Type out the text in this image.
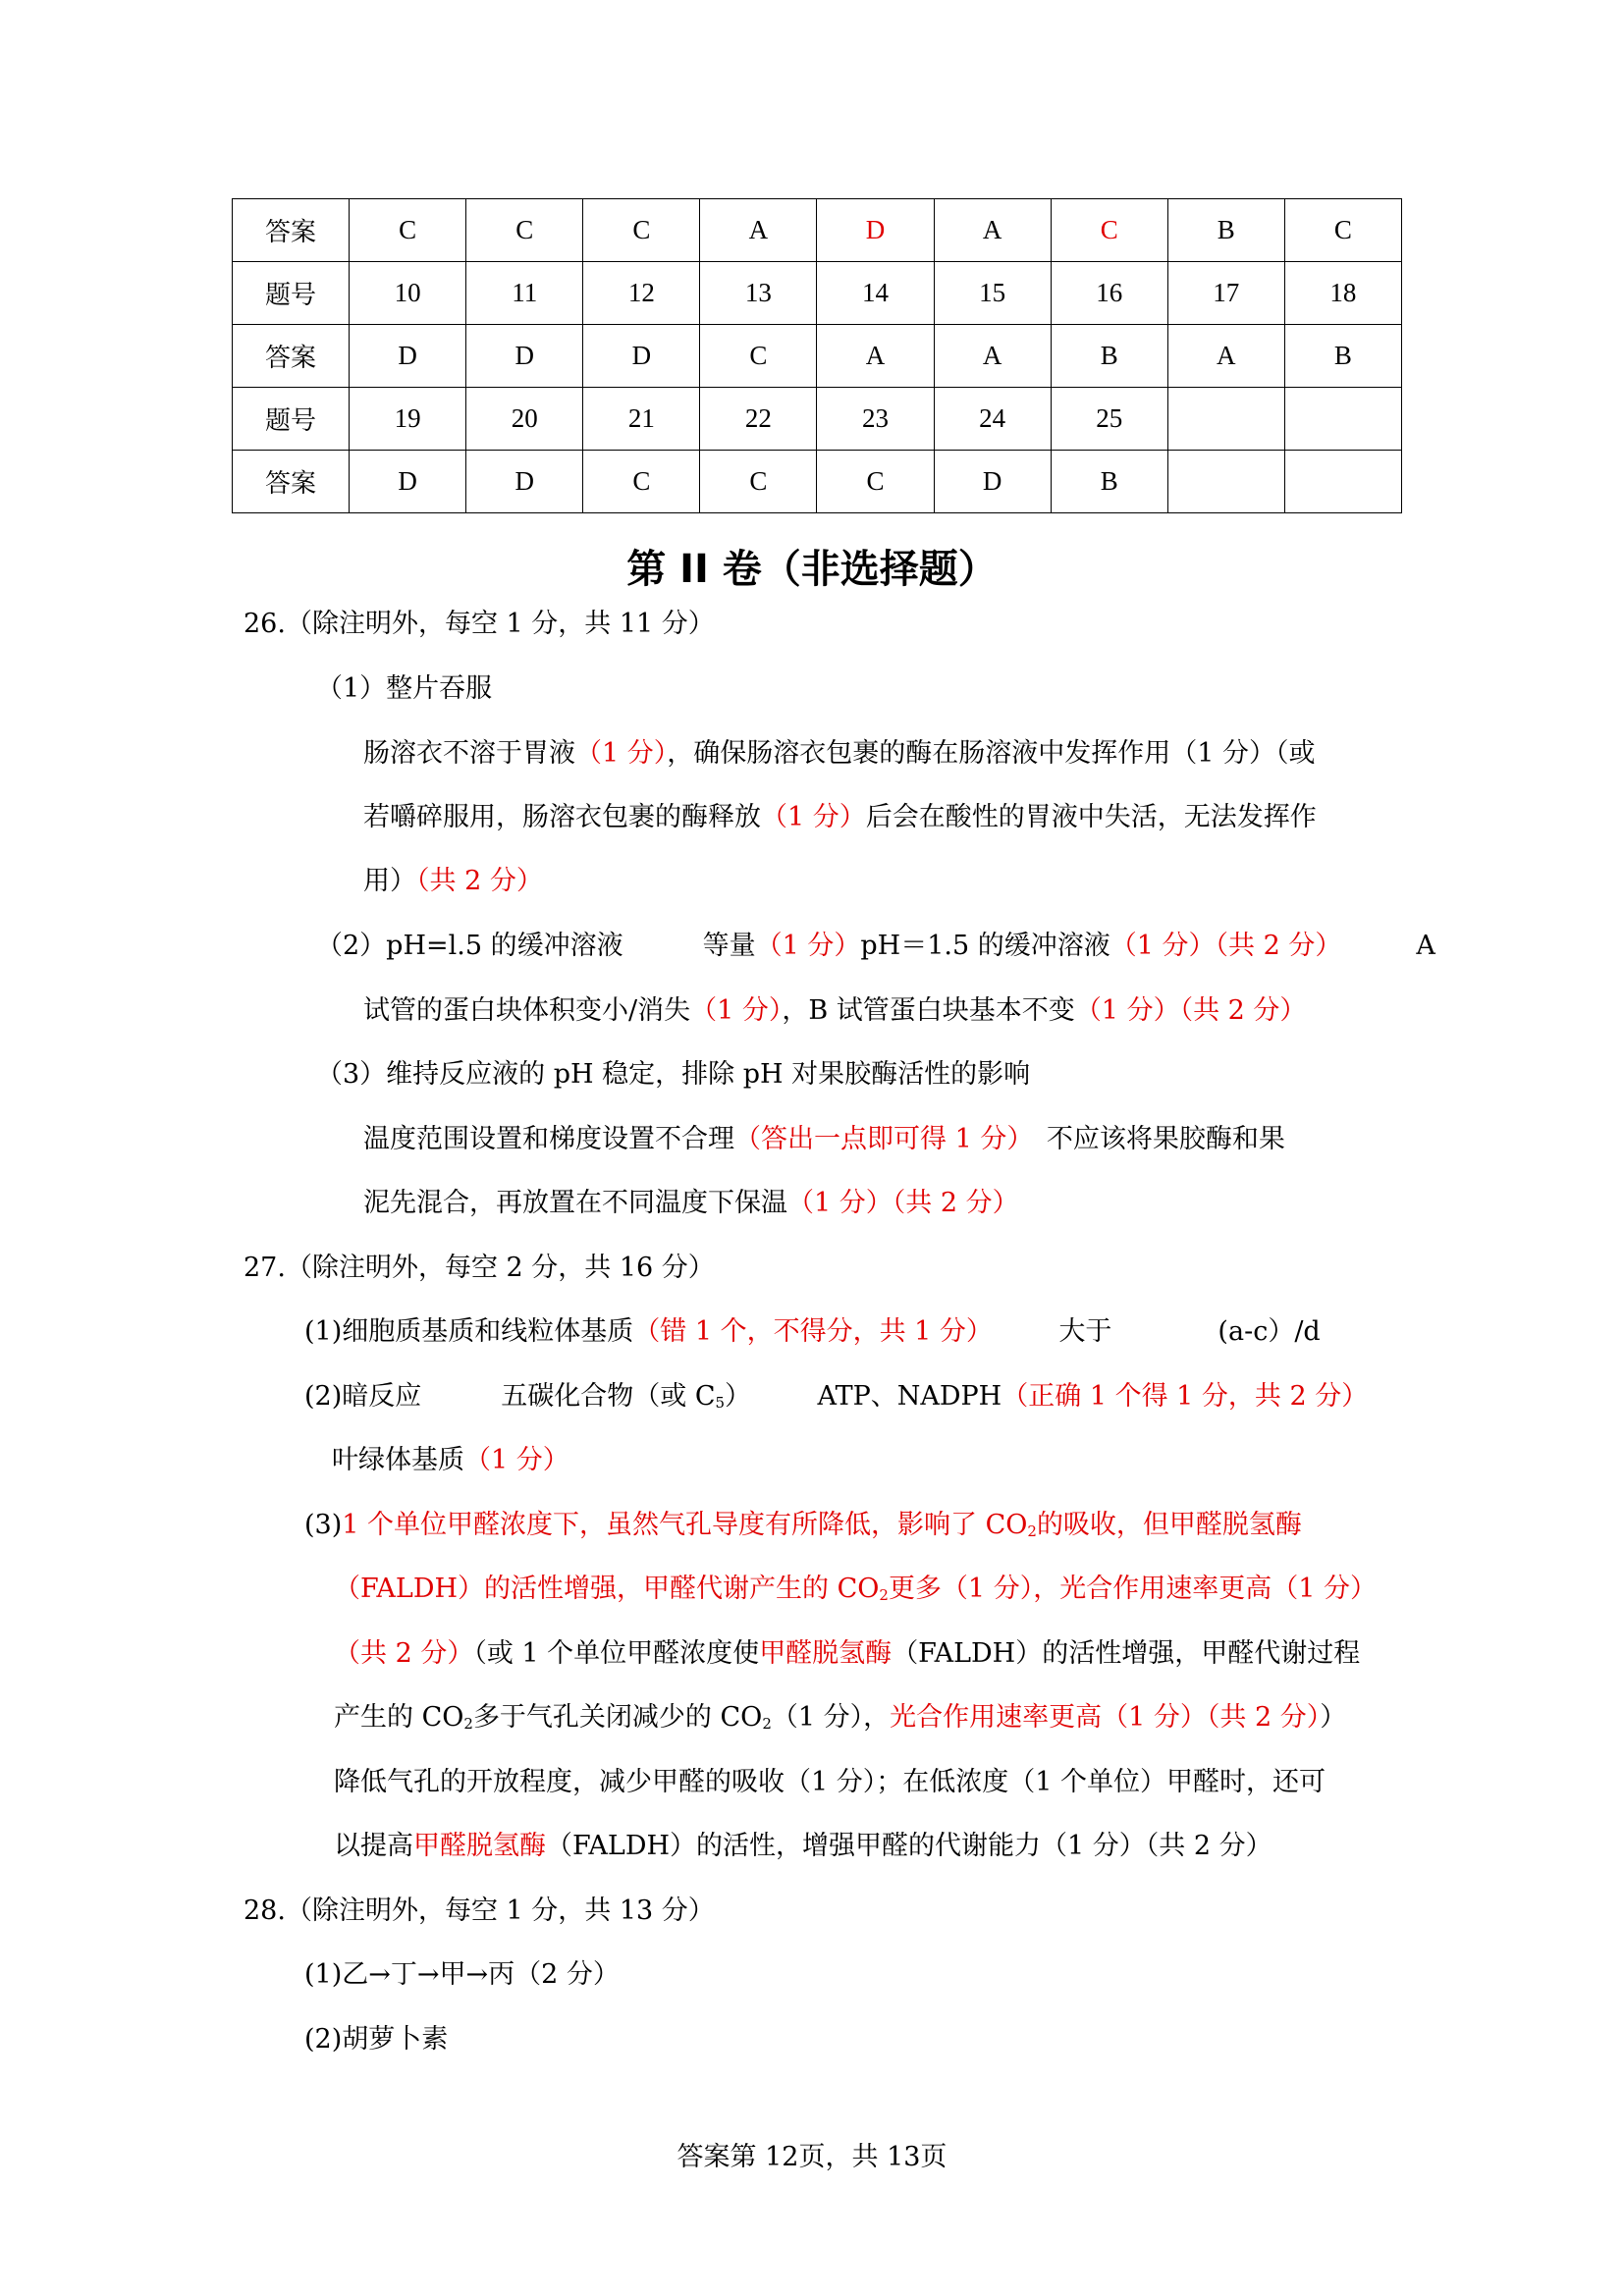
答案	C	C	C	A	D	A	C	B	C
题号	10	11	12	13	14	15	16	17	18
答案	D	D	D	C	A	A	B	A	B
题号	19	20	21	22	23	24	25		
答案	D	D	C	C	C	D	B		
第 II 卷（非选择题）
26.（除注明外，每空 1 分，共 11 分）
（1）整片吞服
肠溶衣不溶于胃液（1 分），确保肠溶衣包裹的酶在肠溶液中发挥作用（1 分）（或
若嚼碎服用，肠溶衣包裹的酶释放（1 分）后会在酸性的胃液中失活，无法发挥作
用）（共 2 分）
（2）pH=l.5 的缓冲溶液　　　等量（1 分）pH＝1.5 的缓冲溶液（1 分）（共 2 分）　　　 A
试管的蛋白块体积变小/消失（1 分），B 试管蛋白块基本不变（1 分）（共 2 分）
（3）维持反应液的 pH 稳定，排除 pH 对果胶酶活性的影响
温度范围设置和梯度设置不合理（答出一点即可得 1 分）　不应该将果胶酶和果
泥先混合，再放置在不同温度下保温（1 分）（共 2 分）
27.（除注明外，每空 2 分，共 16 分）
(1)细胞质基质和线粒体基质（错 1 个，不得分，共 1 分）　　　大于　　　　(a-c）/d
(2)暗反应　　　五碳化合物（或 $C_5$）　　　ATP、NADPH（正确 1 个得 1 分，共 2 分）
叶绿体基质（1 分）
(3)1 个单位甲醛浓度下，虽然气孔导度有所降低，影响了 $CO_2$的吸收，但甲醛脱氢酶
（FALDH）的活性增强，甲醛代谢产生的 $CO_2$更多（1 分），光合作用速率更高（1 分）
（共 2 分）（或 1 个单位甲醛浓度使甲醛脱氢酶（FALDH）的活性增强，甲醛代谢过程
产生的 $CO_2$多于气孔关闭减少的 $CO_2(1$ 分），光合作用速率更高（1 分）（共 2 分））
降低气孔的开放程度，减少甲醛的吸收（1 分）；在低浓度（1 个单位）甲醛时，还可
以提高甲醛脱氢酶（FALDH）的活性，增强甲醛的代谢能力（1 分）（共 2 分）
28.（除注明外，每空 1 分，共 13 分）
(1)乙→丁→甲→丙（2 分）
(2)胡萝卜素
答案第 12页，共 13页
